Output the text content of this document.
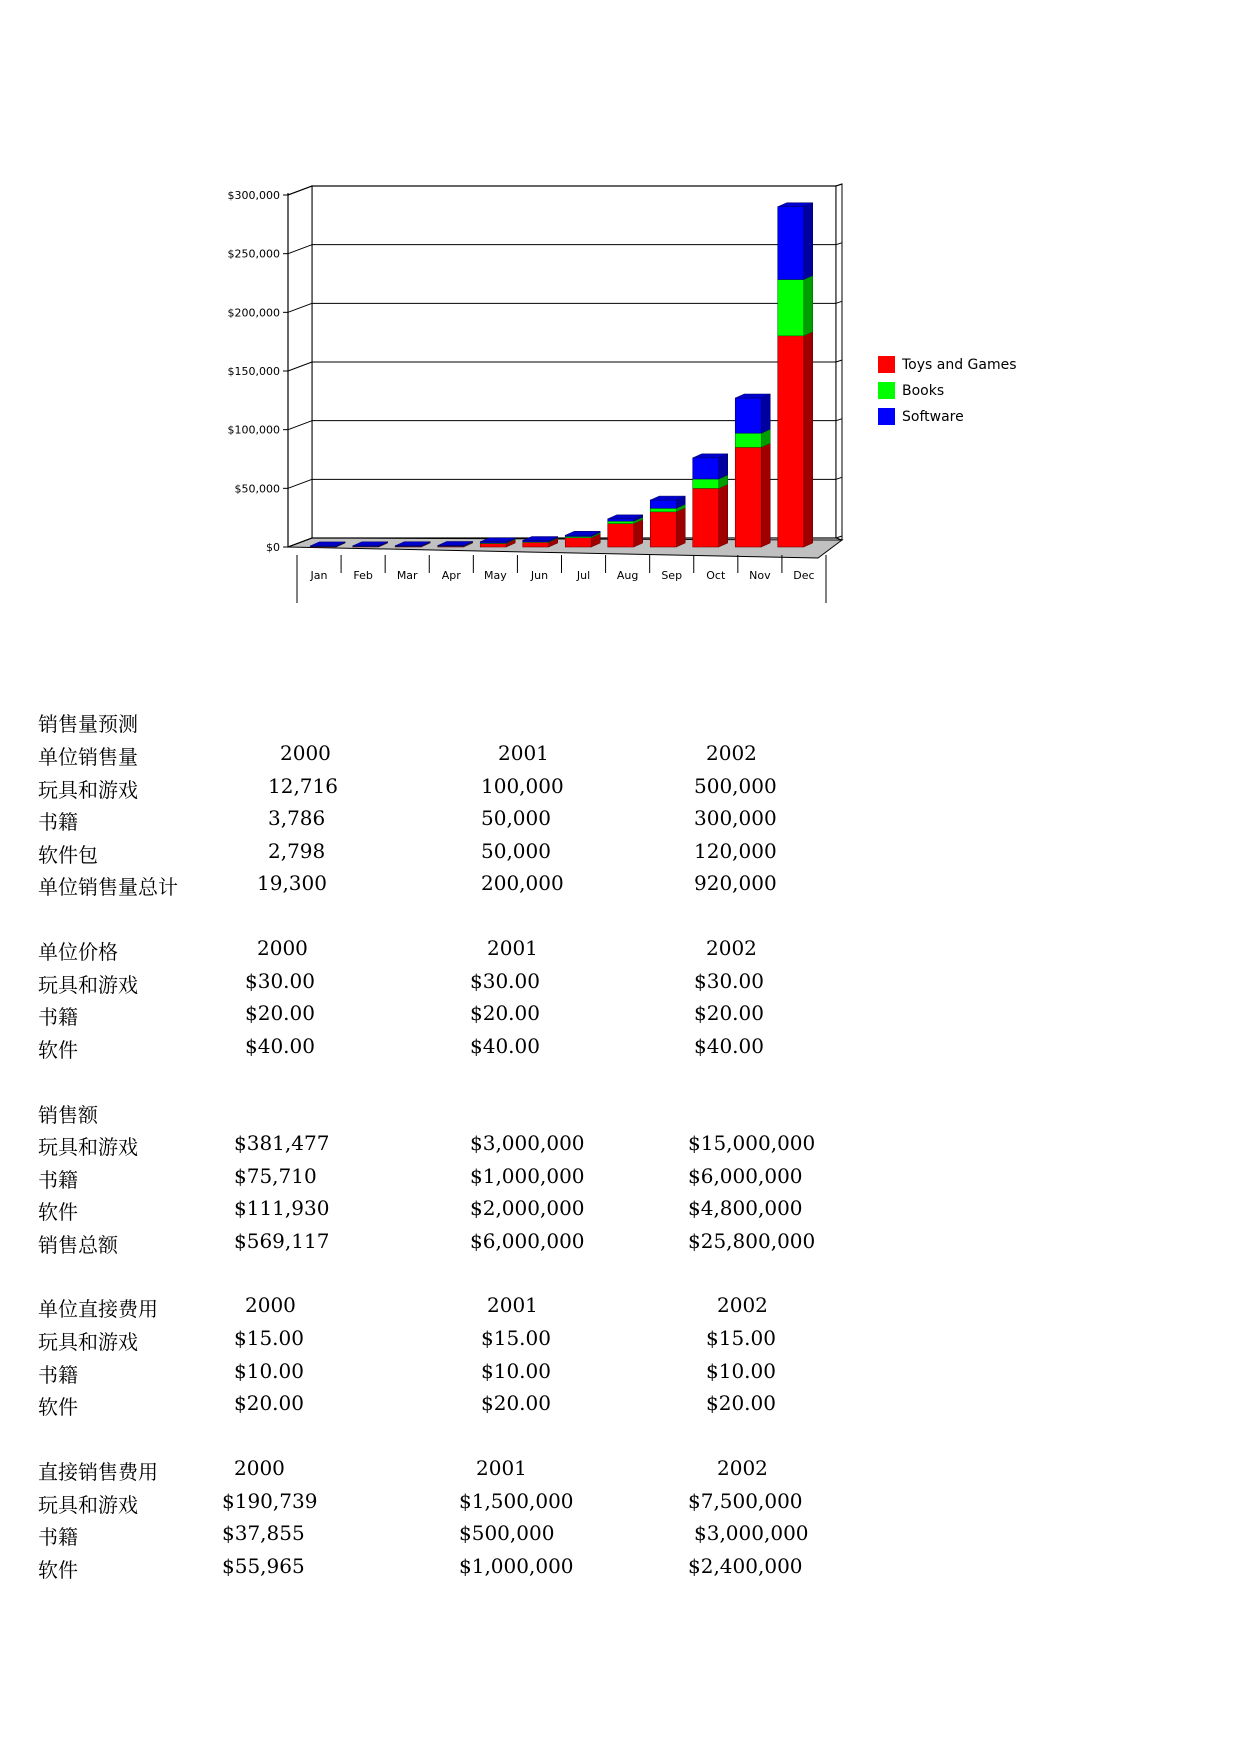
$0
$50,000
$100,000
$150,000
$200,000
$250,000
$300,000
Jan Feb Mar Apr May Jun	Jul Aug Sep Oct Nov Dec
Toys and Games
Books
Software
销售量预测
单位销售量	2000	2001	2002
玩具和游戏	12,716	100,000	500,000
书籍	3,786	50,000	300,000
软件包	2,798	50,000	120,000
单位销售量总计	19,300	200,000	920,000
单位价格	2000	2001	2002
玩具和游戏	$30.00	$30.00	$30.00
书籍	$20.00	$20.00	$20.00
软件	$40.00	$40.00	$40.00
销售额
玩具和游戏	$381,477	$3,000,000	$15,000,000
书籍	$75,710	$1,000,000	$6,000,000
软件	$111,930	$2,000,000	$4,800,000
销售总额	$569,117	$6,000,000	$25,800,000
单位直接费用	2000	2001	2002
玩具和游戏	$15.00	$15.00	$15.00
书籍	$10.00	$10.00	$10.00
软件	$20.00	$20.00	$20.00
直接销售费用	2000	2001	2002
玩具和游戏	$190,739	$1,500,000	$7,500,000
书籍	$37,855	$500,000	$3,000,000
软件	$55,965	$1,000,000	$2,400,000
